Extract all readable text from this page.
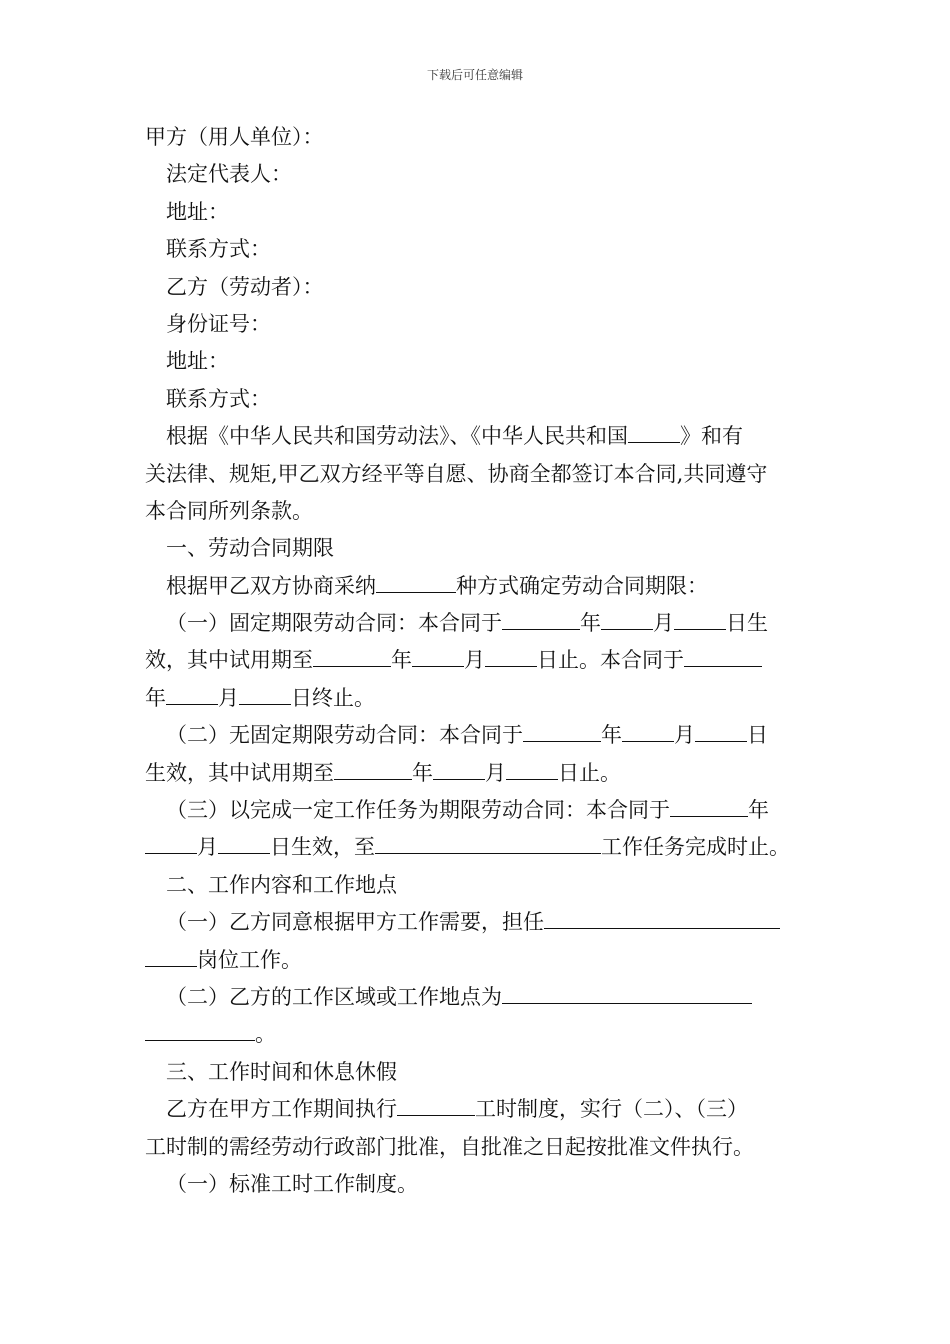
下载后可任意编辑
甲方（用人单位）：
法定代表人：
地址：
联系方式：
乙方（劳动者）：
身份证号：
地址：
联系方式：
根据《中华人民共和国劳动法》、《中华人民共和国 》和有
关法律、规矩,甲乙双方经平等自愿、协商全都签订本合同,共同遵守
本合同所列条款。
一、劳动合同期限
根据甲乙双方协商采纳	种方式确定劳动合同期限：
（一）固定期限劳动合同：本合同于	年 月 日生
效，其中试用期至	年 月 日止。本合同于
年 月 日终止。
（二）无固定期限劳动合同：本合同于	年 月 日
生效，其中试用期至	年 月 日止。
（三）以完成一定工作任务为期限劳动合同：本合同于	年
月 日生效，至	工作任务完成时止。
二、工作内容和工作地点
（一）乙方同意根据甲方工作需要，担任
岗位工作。
（二）乙方的工作区域或工作地点为
。
三、工作时间和休息休假
乙方在甲方工作期间执行	工时制度，实行（二）、（三）
工时制的需经劳动行政部门批准，自批准之日起按批准文件执行。
（一）标准工时工作制度。
